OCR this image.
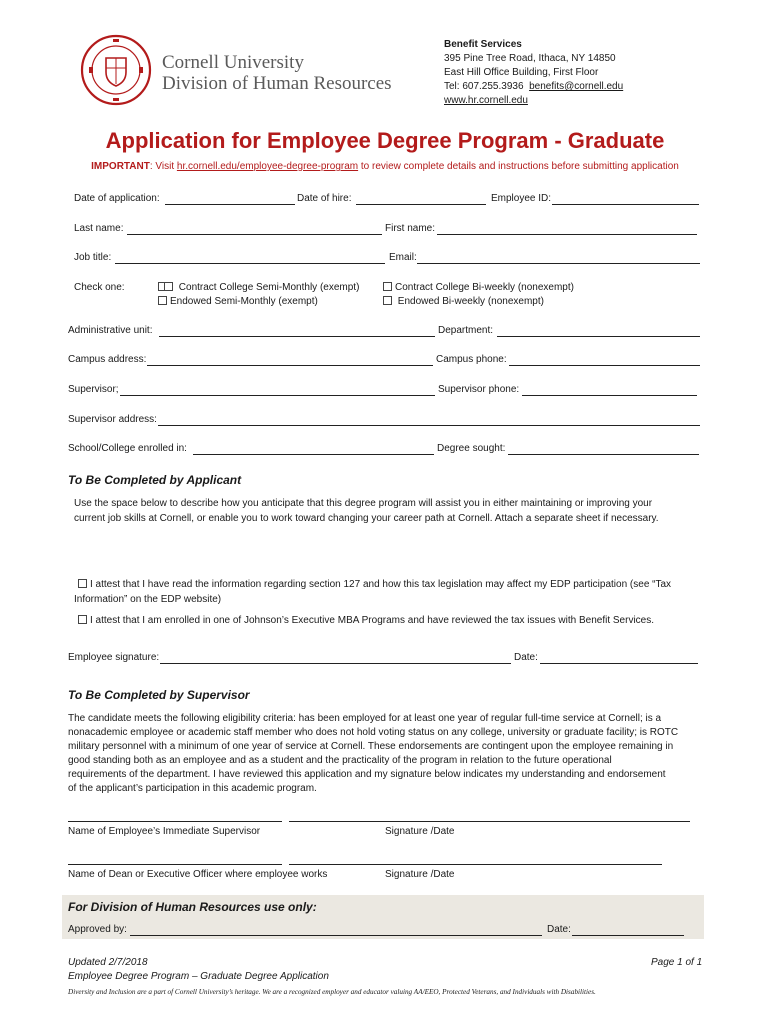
Cornell University
Division of Human Resources
Benefit Services
395 Pine Tree Road, Ithaca, NY 14850
East Hill Office Building, First Floor
Tel: 607.255.3936 benefits@cornell.edu
www.hr.cornell.edu
Application for Employee Degree Program - Graduate
IMPORTANT: Visit hr.cornell.edu/employee-degree-program to review complete details and instructions before submitting application
Date of application:	Date of hire:	Employee ID:
Last name:	First name:
Job title:	Email:
Check one:	Contract College Semi-Monthly (exempt)	Contract College Bi-weekly (nonexempt)
Endowed Semi-Monthly (exempt)	Endowed Bi-weekly (nonexempt)
Administrative unit:	Department:
Campus address:	Campus phone:
Supervisor;	Supervisor phone:
Supervisor address:
School/College enrolled in:	Degree sought:
To Be Completed by Applicant
Use the space below to describe how you anticipate that this degree program will assist you in either maintaining or improving your
current job skills at Cornell, or enable you to work toward changing your career path at Cornell. Attach a separate sheet if necessary.
I attest that I have read the information regarding section 127 and how this tax legislation may affect my EDP participation (see “Tax
Information” on the EDP website)
I attest that I am enrolled in one of Johnson’s Executive MBA Programs and have reviewed the tax issues with Benefit Services.
Employee signature:	Date:
To Be Completed by Supervisor
The candidate meets the following eligibility criteria: has been employed for at least one year of regular full-time service at Cornell; is a
nonacademic employee or academic staff member who does not hold voting status on any college, university or graduate facility; is ROTC
military personnel with a minimum of one year of service at Cornell. These endorsements are contingent upon the employee remaining in
good standing both as an employee and as a student and the practicality of the program in relation to the future operational
requirements of the department. I have reviewed this application and my signature below indicates my understanding and endorsement
of the applicant’s participation in this academic program.
Name of Employee’s Immediate Supervisor	Signature /Date
Name of Dean or Executive Officer where employee works	Signature /Date
For Division of Human Resources use only:
Approved by:	Date:
Updated 2/7/2018
Employee Degree Program – Graduate Degree Application
Page 1 of 1
Diversity and Inclusion are a part of Cornell University’s heritage. We are a recognized employer and educator valuing AA/EEO, Protected Veterans, and Individuals with Disabilities.
